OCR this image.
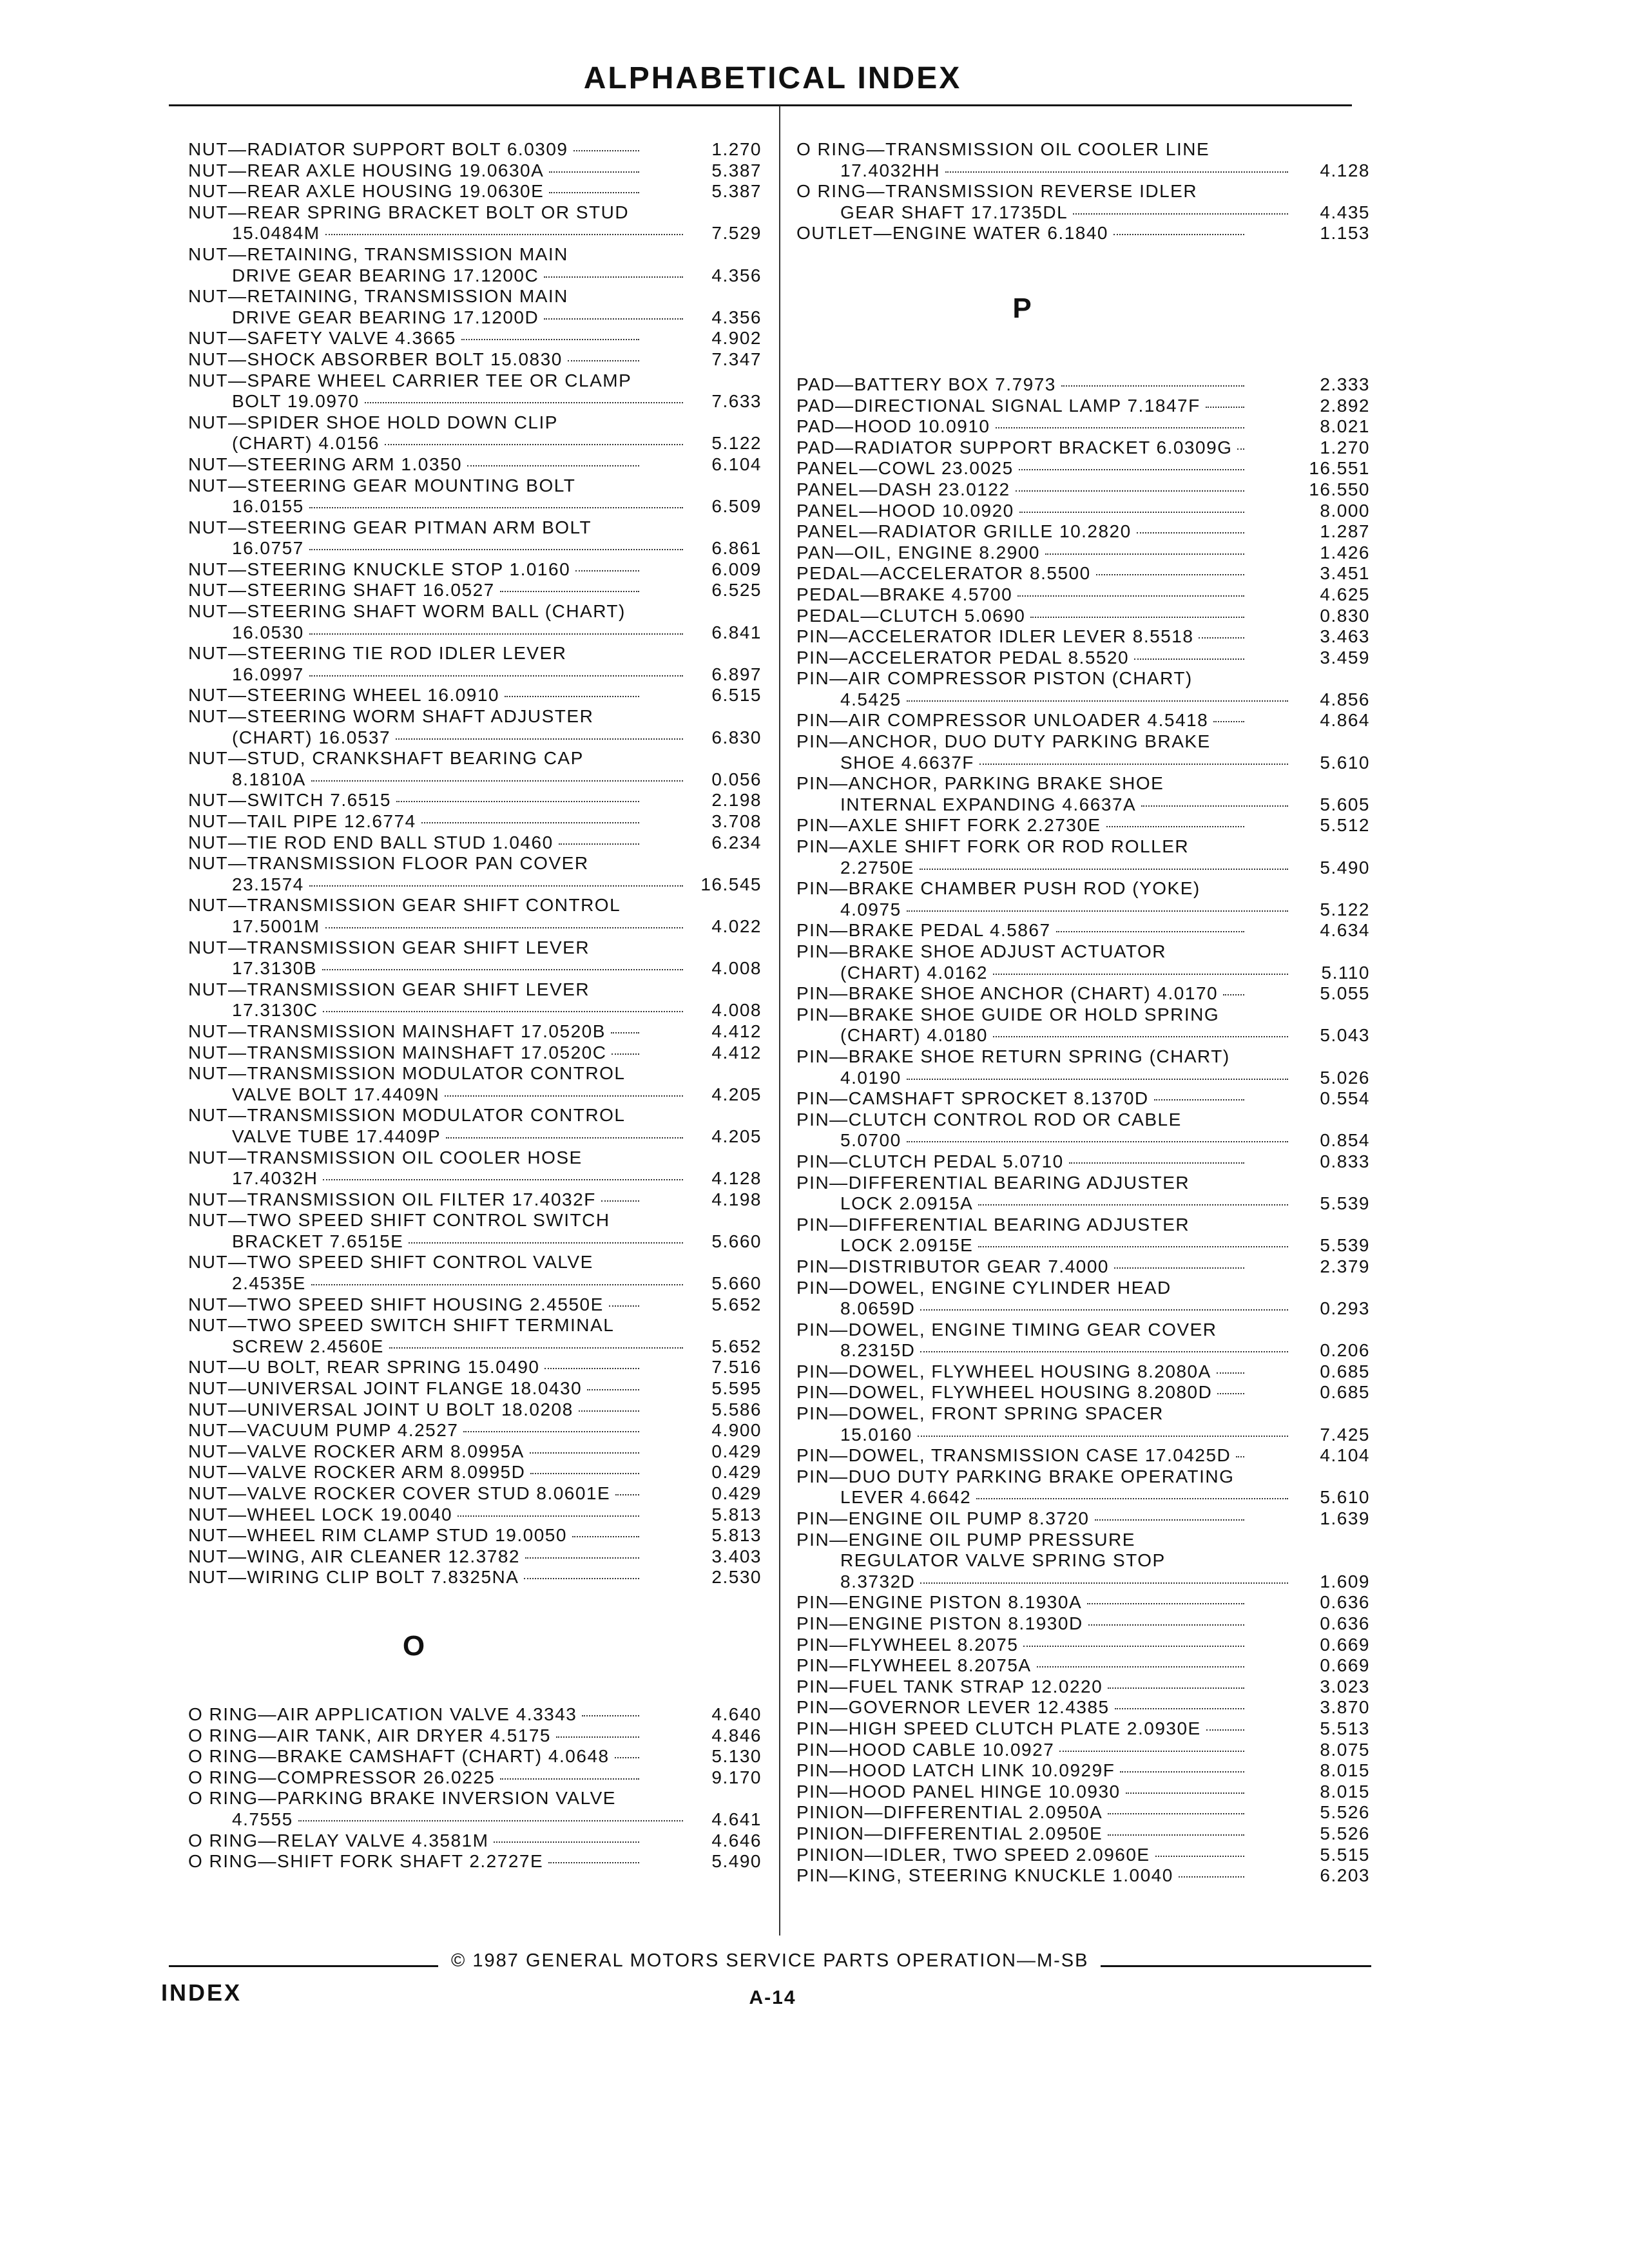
ALPHABETICAL INDEX
NUT—RADIATOR SUPPORT BOLT 6.0309	1.270
NUT—REAR AXLE HOUSING 19.0630A	5.387
NUT—REAR AXLE HOUSING 19.0630E	5.387
NUT—REAR SPRING BRACKET BOLT OR STUD
15.0484M	7.529
NUT—RETAINING, TRANSMISSION MAIN
DRIVE GEAR BEARING 17.1200C	4.356
NUT—RETAINING, TRANSMISSION MAIN
DRIVE GEAR BEARING 17.1200D	4.356
NUT—SAFETY VALVE 4.3665	4.902
NUT—SHOCK ABSORBER BOLT 15.0830	7.347
NUT—SPARE WHEEL CARRIER TEE OR CLAMP
BOLT 19.0970	7.633
NUT—SPIDER SHOE HOLD DOWN CLIP
(CHART) 4.0156	5.122
NUT—STEERING ARM 1.0350	6.104
NUT—STEERING GEAR MOUNTING BOLT
16.0155	6.509
NUT—STEERING GEAR PITMAN ARM BOLT
16.0757	6.861
NUT—STEERING KNUCKLE STOP 1.0160	6.009
NUT—STEERING SHAFT 16.0527	6.525
NUT—STEERING SHAFT WORM BALL (CHART)
16.0530	6.841
NUT—STEERING TIE ROD IDLER LEVER
16.0997	6.897
NUT—STEERING WHEEL 16.0910	6.515
NUT—STEERING WORM SHAFT ADJUSTER
(CHART) 16.0537	6.830
NUT—STUD, CRANKSHAFT BEARING CAP
8.1810A	0.056
NUT—SWITCH 7.6515	2.198
NUT—TAIL PIPE 12.6774	3.708
NUT—TIE ROD END BALL STUD 1.0460	6.234
NUT—TRANSMISSION FLOOR PAN COVER
23.1574	16.545
NUT—TRANSMISSION GEAR SHIFT CONTROL
17.5001M	4.022
NUT—TRANSMISSION GEAR SHIFT LEVER
17.3130B	4.008
NUT—TRANSMISSION GEAR SHIFT LEVER
17.3130C	4.008
NUT—TRANSMISSION MAINSHAFT 17.0520B	4.412
NUT—TRANSMISSION MAINSHAFT 17.0520C	4.412
NUT—TRANSMISSION MODULATOR CONTROL
VALVE BOLT 17.4409N	4.205
NUT—TRANSMISSION MODULATOR CONTROL
VALVE TUBE 17.4409P	4.205
NUT—TRANSMISSION OIL COOLER HOSE
17.4032H	4.128
NUT—TRANSMISSION OIL FILTER 17.4032F	4.198
NUT—TWO SPEED SHIFT CONTROL SWITCH
BRACKET 7.6515E	5.660
NUT—TWO SPEED SHIFT CONTROL VALVE
2.4535E	5.660
NUT—TWO SPEED SHIFT HOUSING 2.4550E	5.652
NUT—TWO SPEED SWITCH SHIFT TERMINAL
SCREW 2.4560E	5.652
NUT—U BOLT, REAR SPRING 15.0490	7.516
NUT—UNIVERSAL JOINT FLANGE 18.0430	5.595
NUT—UNIVERSAL JOINT U BOLT 18.0208	5.586
NUT—VACUUM PUMP 4.2527	4.900
NUT—VALVE ROCKER ARM 8.0995A	0.429
NUT—VALVE ROCKER ARM 8.0995D	0.429
NUT—VALVE ROCKER COVER STUD 8.0601E	0.429
NUT—WHEEL LOCK 19.0040	5.813
NUT—WHEEL RIM CLAMP STUD 19.0050	5.813
NUT—WING, AIR CLEANER 12.3782	3.403
NUT—WIRING CLIP BOLT 7.8325NA	2.530
O
O RING—AIR APPLICATION VALVE 4.3343	4.640
O RING—AIR TANK, AIR DRYER 4.5175	4.846
O RING—BRAKE CAMSHAFT (CHART) 4.0648	5.130
O RING—COMPRESSOR 26.0225	9.170
O RING—PARKING BRAKE INVERSION VALVE
4.7555	4.641
O RING—RELAY VALVE 4.3581M	4.646
O RING—SHIFT FORK SHAFT 2.2727E	5.490
O RING—TRANSMISSION OIL COOLER LINE
17.4032HH	4.128
O RING—TRANSMISSION REVERSE IDLER
GEAR SHAFT 17.1735DL	4.435
OUTLET—ENGINE WATER 6.1840	1.153
P
PAD—BATTERY BOX 7.7973	2.333
PAD—DIRECTIONAL SIGNAL LAMP 7.1847F	2.892
PAD—HOOD 10.0910	8.021
PAD—RADIATOR SUPPORT BRACKET 6.0309G	1.270
PANEL—COWL 23.0025	16.551
PANEL—DASH 23.0122	16.550
PANEL—HOOD 10.0920	8.000
PANEL—RADIATOR GRILLE 10.2820	1.287
PAN—OIL, ENGINE 8.2900	1.426
PEDAL—ACCELERATOR 8.5500	3.451
PEDAL—BRAKE 4.5700	4.625
PEDAL—CLUTCH 5.0690	0.830
PIN—ACCELERATOR IDLER LEVER 8.5518	3.463
PIN—ACCELERATOR PEDAL 8.5520	3.459
PIN—AIR COMPRESSOR PISTON (CHART)
4.5425	4.856
PIN—AIR COMPRESSOR UNLOADER 4.5418	4.864
PIN—ANCHOR, DUO DUTY PARKING BRAKE
SHOE 4.6637F	5.610
PIN—ANCHOR, PARKING BRAKE SHOE
INTERNAL EXPANDING 4.6637A	5.605
PIN—AXLE SHIFT FORK 2.2730E	5.512
PIN—AXLE SHIFT FORK OR ROD ROLLER
2.2750E	5.490
PIN—BRAKE CHAMBER PUSH ROD (YOKE)
4.0975	5.122
PIN—BRAKE PEDAL 4.5867	4.634
PIN—BRAKE SHOE ADJUST ACTUATOR
(CHART) 4.0162	5.110
PIN—BRAKE SHOE ANCHOR (CHART) 4.0170	5.055
PIN—BRAKE SHOE GUIDE OR HOLD SPRING
(CHART) 4.0180	5.043
PIN—BRAKE SHOE RETURN SPRING (CHART)
4.0190	5.026
PIN—CAMSHAFT SPROCKET 8.1370D	0.554
PIN—CLUTCH CONTROL ROD OR CABLE
5.0700	0.854
PIN—CLUTCH PEDAL 5.0710	0.833
PIN—DIFFERENTIAL BEARING ADJUSTER
LOCK 2.0915A	5.539
PIN—DIFFERENTIAL BEARING ADJUSTER
LOCK 2.0915E	5.539
PIN—DISTRIBUTOR GEAR 7.4000	2.379
PIN—DOWEL, ENGINE CYLINDER HEAD
8.0659D	0.293
PIN—DOWEL, ENGINE TIMING GEAR COVER
8.2315D	0.206
PIN—DOWEL, FLYWHEEL HOUSING 8.2080A	0.685
PIN—DOWEL, FLYWHEEL HOUSING 8.2080D	0.685
PIN—DOWEL, FRONT SPRING SPACER
15.0160	7.425
PIN—DOWEL, TRANSMISSION CASE 17.0425D	4.104
PIN—DUO DUTY PARKING BRAKE OPERATING
LEVER 4.6642	5.610
PIN—ENGINE OIL PUMP 8.3720	1.639
PIN—ENGINE OIL PUMP PRESSURE
REGULATOR VALVE SPRING STOP
8.3732D	1.609
PIN—ENGINE PISTON 8.1930A	0.636
PIN—ENGINE PISTON 8.1930D	0.636
PIN—FLYWHEEL 8.2075	0.669
PIN—FLYWHEEL 8.2075A	0.669
PIN—FUEL TANK STRAP 12.0220	3.023
PIN—GOVERNOR LEVER 12.4385	3.870
PIN—HIGH SPEED CLUTCH PLATE 2.0930E	5.513
PIN—HOOD CABLE 10.0927	8.075
PIN—HOOD LATCH LINK 10.0929F	8.015
PIN—HOOD PANEL HINGE 10.0930	8.015
PINION—DIFFERENTIAL 2.0950A	5.526
PINION—DIFFERENTIAL 2.0950E	5.526
PINION—IDLER, TWO SPEED 2.0960E	5.515
PIN—KING, STEERING KNUCKLE 1.0040	6.203
© 1987 GENERAL MOTORS SERVICE PARTS OPERATION—M-SB
INDEX	A-14
